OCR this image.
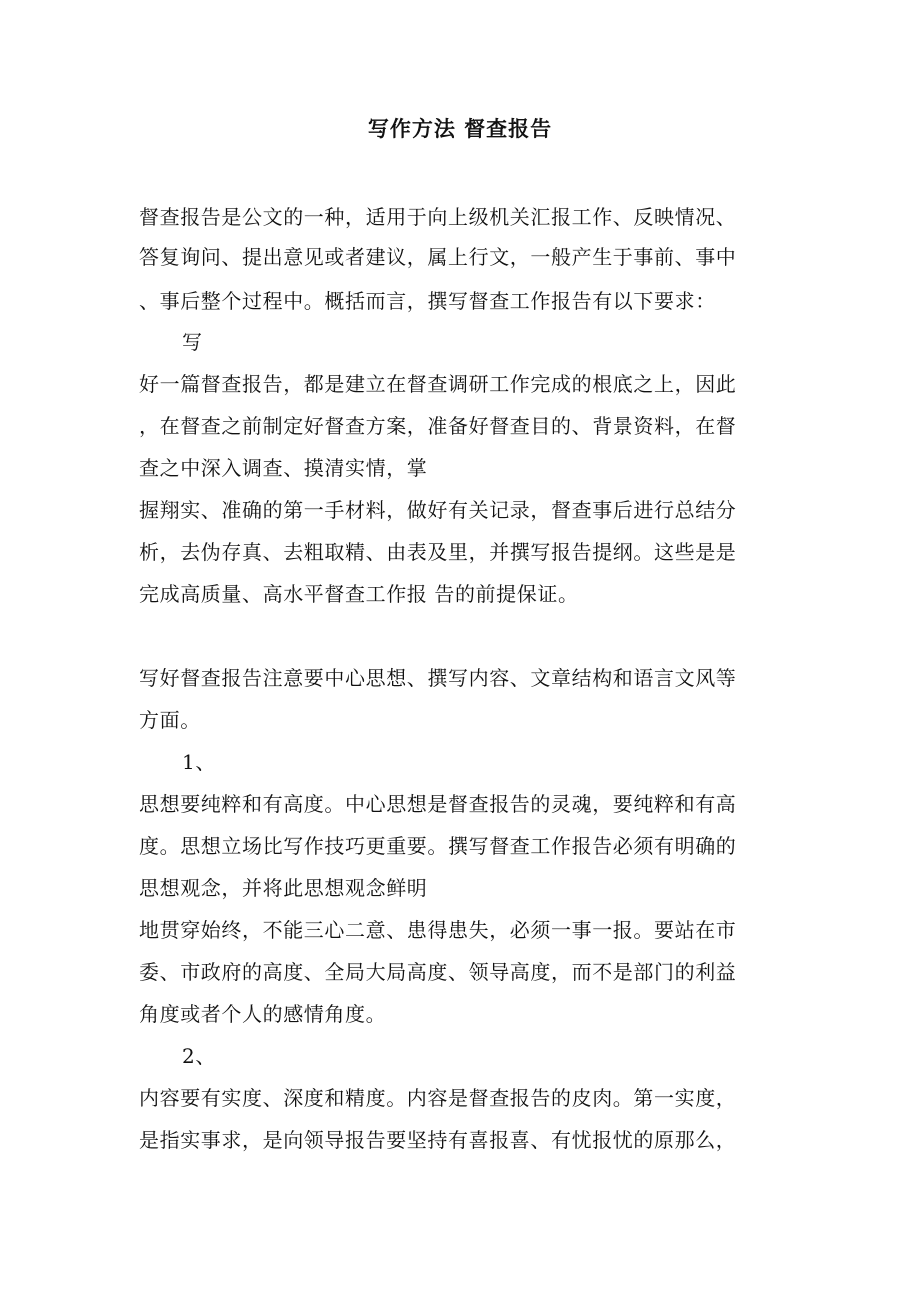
写作方法 督查报告
督查报告是公文的一种，适用于向上级机关汇报工作、反映情况、
答复询问、提出意见或者建议，属上行文，一般产生于事前、事中
、事后整个过程中。概括而言，撰写督查工作报告有以下要求：
写
好一篇督查报告，都是建立在督查调研工作完成的根底之上，因此
，在督查之前制定好督查方案，准备好督查目的、背景资料，在督
查之中深入调查、摸清实情，掌
握翔实、准确的第一手材料，做好有关记录，督查事后进行总结分
析，去伪存真、去粗取精、由表及里，并撰写报告提纲。这些是是
完成高质量、高水平督查工作报 告的前提保证。
写好督查报告注意要中心思想、撰写内容、文章结构和语言文风等
方面。
1、
思想要纯粹和有高度。中心思想是督查报告的灵魂，要纯粹和有高
度。思想立场比写作技巧更重要。撰写督查工作报告必须有明确的
思想观念，并将此思想观念鲜明
地贯穿始终，不能三心二意、患得患失，必须一事一报。要站在市
委、市政府的高度、全局大局高度、领导高度，而不是部门的利益
角度或者个人的感情角度。
2、
内容要有实度、深度和精度。内容是督查报告的皮肉。第一实度，
是指实事求，是向领导报告要坚持有喜报喜、有忧报忧的原那么，
